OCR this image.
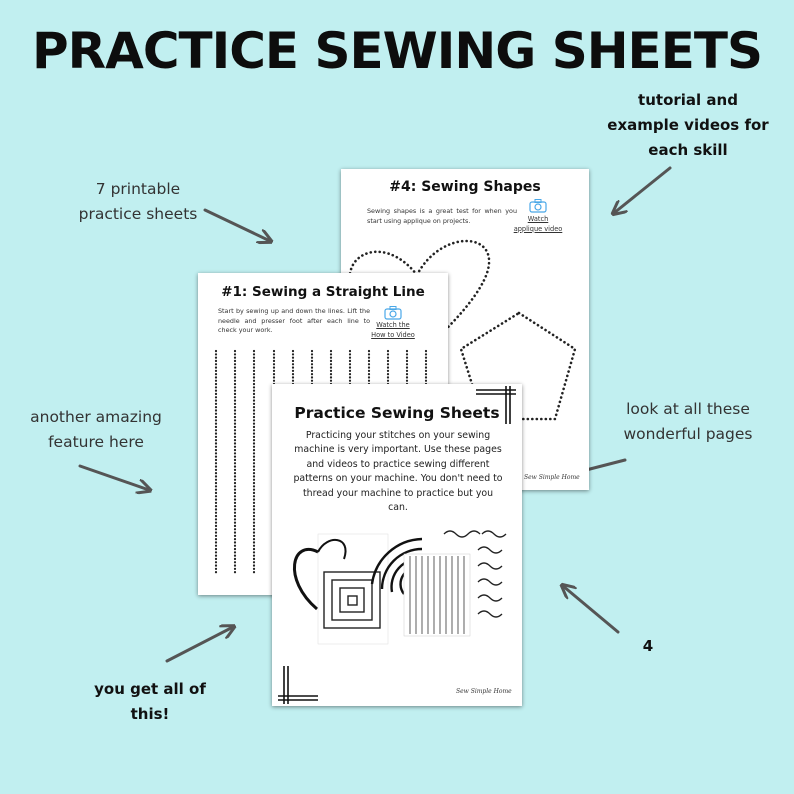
PRACTICE SEWING SHEETS
tutorial and
example videos for
each skill
7 printable
practice sheets
another amazing
feature here
look at all these
wonderful pages
you get all of
this!
4
#4: Sewing Shapes
Sewing shapes is a great test for when you start using applique on projects.	Watch
applique video
Sew Simple Home
#1: Sewing a Straight Line
Start by sewing up and down the lines. Lift the needle and presser foot after each line to check your work.
Watch the
How to Video
Practice Sewing Sheets
Practicing your stitches on your sewing machine is very important. Use these pages and videos to practice sewing different patterns on your machine. You don't need to thread your machine to practice but you can.
Sew Simple Home
